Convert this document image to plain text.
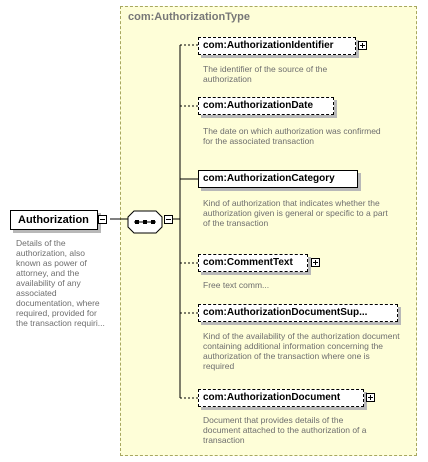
com:AuthorizationType
Authorization
Details of the authorization, also known as power of attorney, and the availability of any associated documentation, where required, provided for the transaction requiri...
com:AuthorizationIdentifier
The identifier of the source of the authorization
com:AuthorizationDate
The date on which authorization was confirmed for the associated transaction
com:AuthorizationCategory
Kind of authorization that indicates whether the authorization given is general or specific to a part of the transaction
com:CommentText
Free text comm...
com:AuthorizationDocumentSup...
Kind of the availability of the authorization document containing additional information concerning the authorization of the transaction where one is required
com:AuthorizationDocument
Document that provides details of the document attached to the authorization of a transaction
